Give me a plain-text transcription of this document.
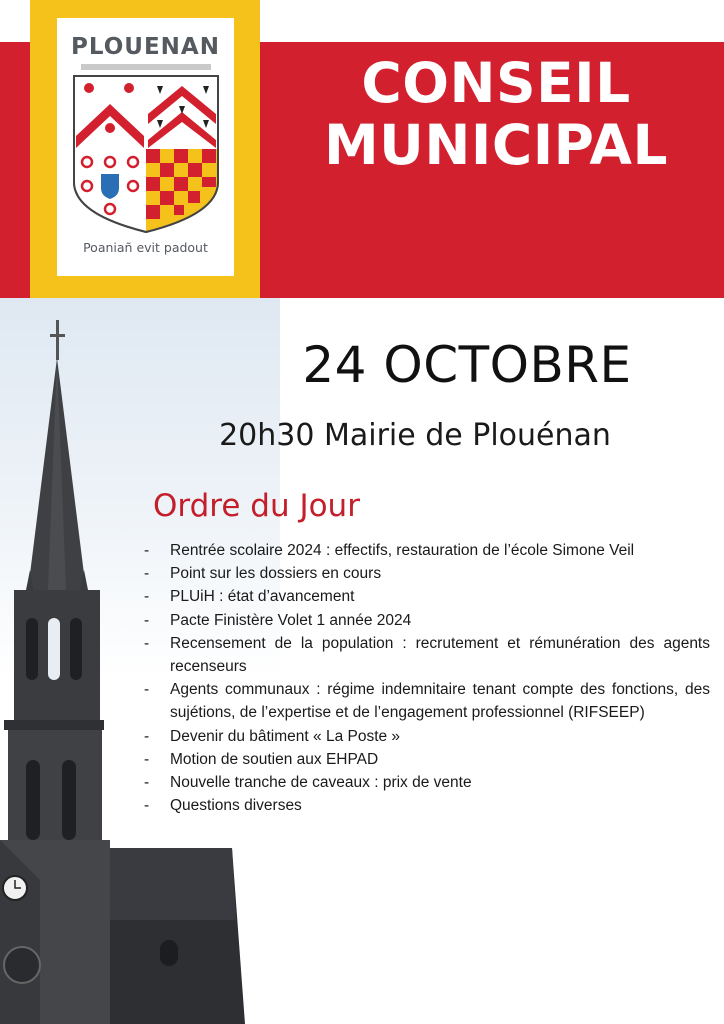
PLOUENAN
Poaniañ evit padout
CONSEIL
MUNICIPAL
24 OCTOBRE
20h30 Mairie de Plouénan
Ordre du Jour
- Rentrée scolaire 2024 : effectifs, restauration de l’école Simone Veil
- Point sur les dossiers en cours
- PLUiH : état d’avancement
- Pacte Finistère Volet 1 année 2024
- Recensement de la population : recrutement et rémunération des agents recenseurs
- Agents communaux : régime indemnitaire tenant compte des fonctions, des sujétions, de l’expertise et de l’engagement professionnel (RIFSEEP)
- Devenir du bâtiment « La Poste »
- Motion de soutien aux EHPAD
- Nouvelle tranche de caveaux : prix de vente
- Questions diverses
